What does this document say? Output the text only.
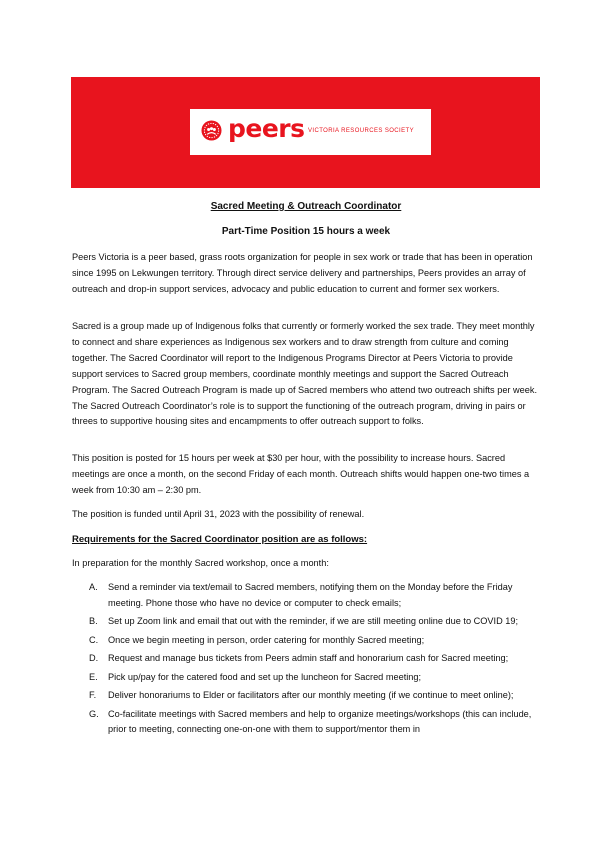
peers VICTORIA RESOURCES SOCIETY
Sacred Meeting & Outreach Coordinator
Part-Time Position 15 hours a week

Peers Victoria is a peer based, grass roots organization for people in sex work or trade that has been in operation since 1995 on Lekwungen territory. Through direct service delivery and partnerships, Peers provides an array of outreach and drop-in support services, advocacy and public education to current and former sex workers.

Sacred is a group made up of Indigenous folks that currently or formerly worked the sex trade. They meet monthly to connect and share experiences as Indigenous sex workers and to draw strength from culture and coming together. The Sacred Coordinator will report to the Indigenous Programs Director at Peers Victoria to provide support services to Sacred group members, coordinate monthly meetings and support the Sacred Outreach Program. The Sacred Outreach Program is made up of Sacred members who attend two outreach shifts per week. The Sacred Outreach Coordinator’s role is to support the functioning of the outreach program, driving in pairs or threes to supportive housing sites and encampments to offer outreach support to folks.

This position is posted for 15 hours per week at $30 per hour, with the possibility to increase hours. Sacred meetings are once a month, on the second Friday of each month. Outreach shifts would happen one-two times a week from 10:30 am – 2:30 pm.

The position is funded until April 31, 2023 with the possibility of renewal.

Requirements for the Sacred Coordinator position are as follows:

In preparation for the monthly Sacred workshop, once a month:

A. Send a reminder via text/email to Sacred members, notifying them on the Monday before the Friday meeting. Phone those who have no device or computer to check emails;
B. Set up Zoom link and email that out with the reminder, if we are still meeting online due to COVID 19;
C. Once we begin meeting in person, order catering for monthly Sacred meeting;
D. Request and manage bus tickets from Peers admin staff and honorarium cash for Sacred meeting;
E. Pick up/pay for the catered food and set up the luncheon for Sacred meeting;
F. Deliver honorariums to Elder or facilitators after our monthly meeting (if we continue to meet online);
G. Co-facilitate meetings with Sacred members and help to organize meetings/workshops (this can include, prior to meeting, connecting one-on-one with them to support/mentor them in
